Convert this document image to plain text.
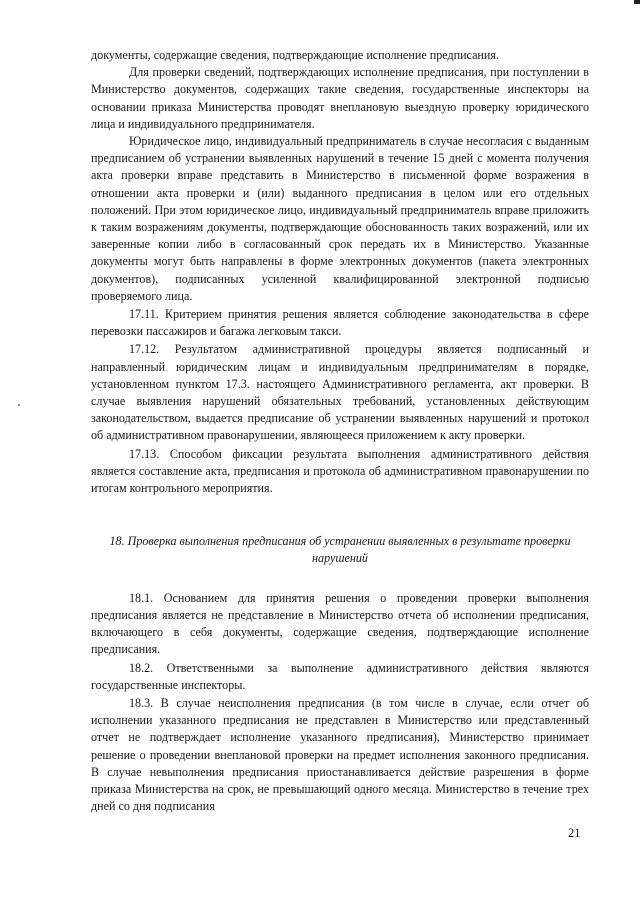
документы, содержащие сведения, подтверждающие исполнение предписания.

Для проверки сведений, подтверждающих исполнение предписания, при поступлении в Министерство документов, содержащих такие сведения, государственные инспекторы на основании приказа Министерства проводят внеплановую выездную проверку юридического лица и индивидуального предпринимателя.

Юридическое лицо, индивидуальный предприниматель в случае несогласия с выданным предписанием об устранении выявленных нарушений в течение 15 дней с момента получения акта проверки вправе представить в Министерство в письменной форме возражения в отношении акта проверки и (или) выданного предписания в целом или его отдельных положений. При этом юридическое лицо, индивидуальный предприниматель вправе приложить к таким возражениям документы, подтверждающие обоснованность таких возражений, или их заверенные копии либо в согласованный срок передать их в Министерство. Указанные документы могут быть направлены в форме электронных документов (пакета электронных документов), подписанных усиленной квалифицированной электронной подписью проверяемого лица.

17.11. Критерием принятия решения является соблюдение законодательства в сфере перевозки пассажиров и багажа легковым такси.

17.12. Результатом административной процедуры является подписанный и направленный юридическим лицам и индивидуальным предпринимателям в порядке, установленном пунктом 17.3. настоящего Административного регламента, акт проверки. В случае выявления нарушений обязательных требований, установленных действующим законодательством, выдается предписание об устранении выявленных нарушений и протокол об административном правонарушении, являющееся приложением к акту проверки.

17.13. Способом фиксации результата выполнения административного действия является составление акта, предписания и протокола об административном правонарушении по итогам контрольного мероприятия.

18. Проверка выполнения предписания об устранении выявленных в результате проверки нарушений

18.1. Основанием для принятия решения о проведении проверки выполнения предписания является не представление в Министерство отчета об исполнении предписания, включающего в себя документы, содержащие сведения, подтверждающие исполнение предписания.

18.2. Ответственными за выполнение административного действия являются государственные инспекторы.

18.3. В случае неисполнения предписания (в том числе в случае, если отчет об исполнении указанного предписания не представлен в Министерство или представленный отчет не подтверждает исполнение указанного предписания), Министерство принимает решение о проведении внеплановой проверки на предмет исполнения законного предписания. В случае невыполнения предписания приостанавливается действие разрешения в форме приказа Министерства на срок, не превышающий одного месяца. Министерство в течение трех дней со дня подписания

21
